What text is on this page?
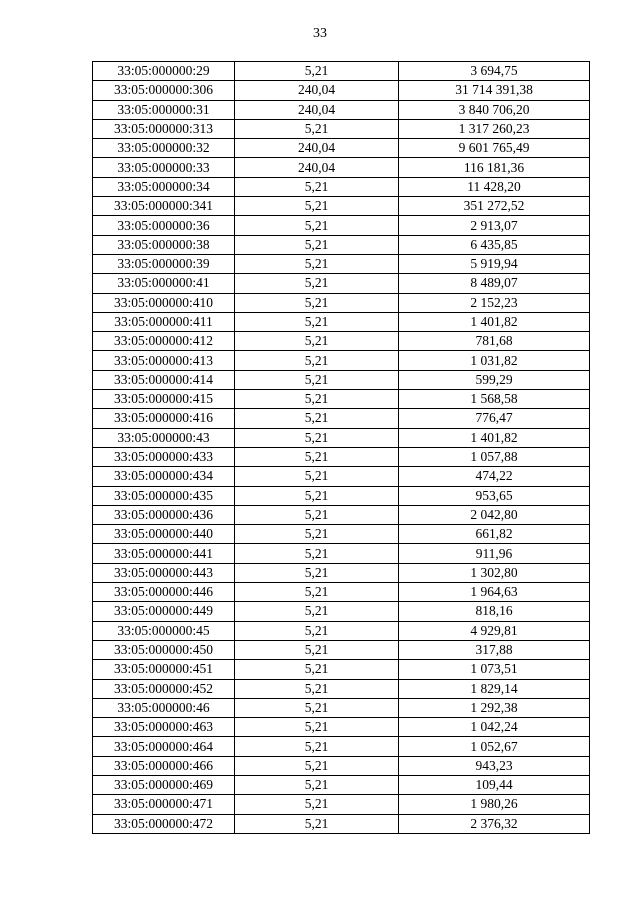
33
33:05:000000:29	5,21	3 694,75
33:05:000000:306	240,04	31 714 391,38
33:05:000000:31	240,04	3 840 706,20
33:05:000000:313	5,21	1 317 260,23
33:05:000000:32	240,04	9 601 765,49
33:05:000000:33	240,04	116 181,36
33:05:000000:34	5,21	11 428,20
33:05:000000:341	5,21	351 272,52
33:05:000000:36	5,21	2 913,07
33:05:000000:38	5,21	6 435,85
33:05:000000:39	5,21	5 919,94
33:05:000000:41	5,21	8 489,07
33:05:000000:410	5,21	2 152,23
33:05:000000:411	5,21	1 401,82
33:05:000000:412	5,21	781,68
33:05:000000:413	5,21	1 031,82
33:05:000000:414	5,21	599,29
33:05:000000:415	5,21	1 568,58
33:05:000000:416	5,21	776,47
33:05:000000:43	5,21	1 401,82
33:05:000000:433	5,21	1 057,88
33:05:000000:434	5,21	474,22
33:05:000000:435	5,21	953,65
33:05:000000:436	5,21	2 042,80
33:05:000000:440	5,21	661,82
33:05:000000:441	5,21	911,96
33:05:000000:443	5,21	1 302,80
33:05:000000:446	5,21	1 964,63
33:05:000000:449	5,21	818,16
33:05:000000:45	5,21	4 929,81
33:05:000000:450	5,21	317,88
33:05:000000:451	5,21	1 073,51
33:05:000000:452	5,21	1 829,14
33:05:000000:46	5,21	1 292,38
33:05:000000:463	5,21	1 042,24
33:05:000000:464	5,21	1 052,67
33:05:000000:466	5,21	943,23
33:05:000000:469	5,21	109,44
33:05:000000:471	5,21	1 980,26
33:05:000000:472	5,21	2 376,32
